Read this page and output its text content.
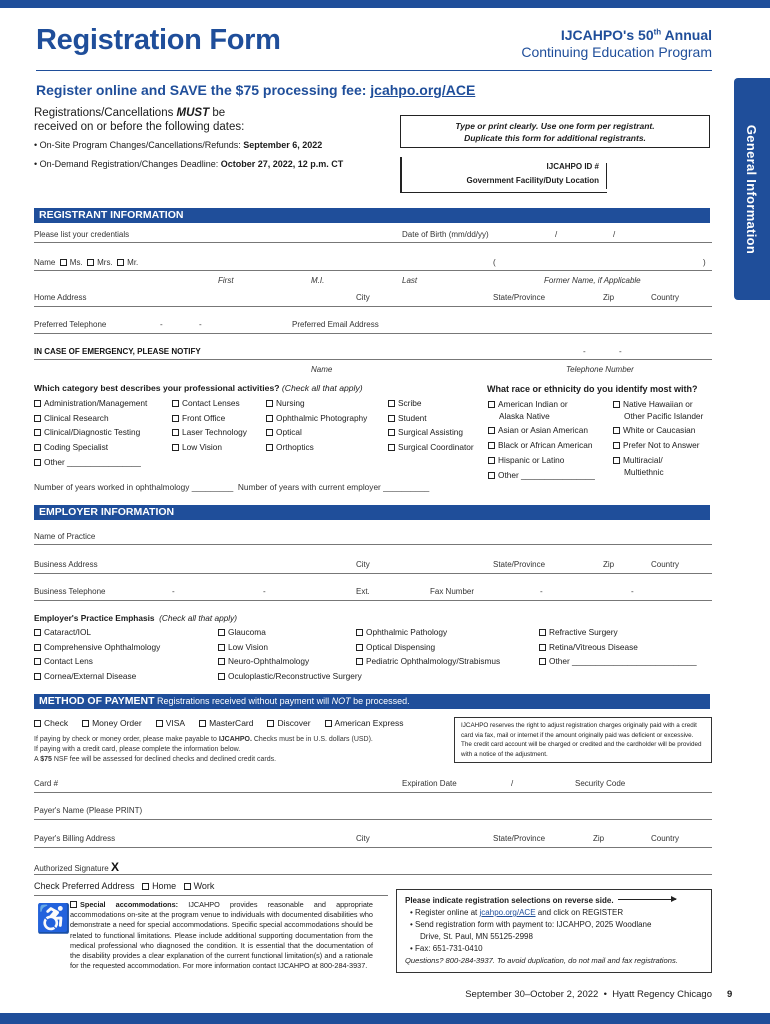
Registration Form	IJCAHPO's 50th Annual
Continuing Education Program
General Information
Register online and SAVE the $75 processing fee: jcahpo.org/ACE
Registrations/Cancellations MUST be
received on or before the following dates:
• On-Site Program Changes/Cancellations/Refunds: September 6, 2022
• On-Demand Registration/Changes Deadline: October 27, 2022, 12 p.m. CT
Type or print clearly. Use one form per registrant.
Duplicate this form for additional registrants.
IJCAHPO ID #
Government Facility/Duty Location
REGISTRANT INFORMATION
Please list your credentials	Date of Birth (mm/dd/yy)	/	/
Name Ms. Mrs. Mr.	(	)
First	M.I.	Last	Former Name, if Applicable
Home Address	City	State/Province	Zip	Country
Preferred Telephone	-	-	Preferred Email Address
IN CASE OF EMERGENCY, PLEASE NOTIFY	-	-
Name	Telephone Number
Which category best describes your professional activities? (Check all that apply)
Administration/Management
Clinical Research
Clinical/Diagnostic Testing
Coding Specialist
Other ________________
Contact Lenses
Front Office
Laser Technology
Low Vision
Nursing
Ophthalmic Photography
Optical
Orthoptics
Scribe
Student
Surgical Assisting
Surgical Coordinator
What race or ethnicity do you identify most with?
American Indian or
Alaska Native
Asian or Asian American
Black or African American
Hispanic or Latino
Other ________________
Native Hawaiian or
Other Pacific Islander
White or Caucasian
Prefer Not to Answer
Multiracial/
Multiethnic
Number of years worked in ophthalmology _________ Number of years with current employer __________
EMPLOYER INFORMATION
Name of Practice
Business Address	City	State/Province	Zip	Country
Business Telephone	-	-	Ext.	Fax Number	-	-
Employer's Practice Emphasis (Check all that apply)
Cataract/IOL
Comprehensive Ophthalmology
Contact Lens
Cornea/External Disease
Glaucoma
Low Vision
Neuro-Ophthalmology
Oculoplastic/Reconstructive Surgery
Ophthalmic Pathology
Optical Dispensing
Pediatric Ophthalmology/Strabismus
Refractive Surgery
Retina/Vitreous Disease
Other ___________________________
METHOD OF PAYMENT Registrations received without payment will NOT be processed.
Check	Money Order	VISA	MasterCard	Discover	American Express
If paying by check or money order, please make payable to IJCAHPO. Checks must be in U.S. dollars (USD).
If paying with a credit card, please complete the information below.
A $75 NSF fee will be assessed for declined checks and declined credit cards.
IJCAHPO reserves the right to adjust registration charges originally paid with a credit card via fax, mail or internet if the amount originally paid was deficient or excessive. The credit card account will be charged or credited and the cardholder will be provided with a notice of the adjustment.
Card #	Expiration Date	/	Security Code
Payer's Name (Please PRINT)
Payer's Billing Address	City	State/Province	Zip	Country
Authorized Signature X
Check Preferred Address Home Work
♿	Special accommodations: IJCAHPO provides reasonable and appropriate accommodations on-site at the program venue to individuals with documented disabilities who demonstrate a need for special accommodations. Specific special accommodations should be related to functional limitations. Please include additional supporting documentation from the medical professional who diagnosed the condition. It is essential that the documentation of the disability provides a clear explanation of the current functional limitation(s) and a rationale for the requested accommodation. For more information contact IJCAHPO at 800-284-3937.
Please indicate registration selections on reverse side.
• Register online at jcahpo.org/ACE and click on REGISTER
• Send registration form with payment to: IJCAHPO, 2025 Woodlane
Drive, St. Paul, MN 55125-2998
• Fax: 651-731-0410
Questions? 800-284-3937. To avoid duplication, do not mail and fax registrations.
September 30–October 2, 2022  •  Hyatt Regency Chicago 9
